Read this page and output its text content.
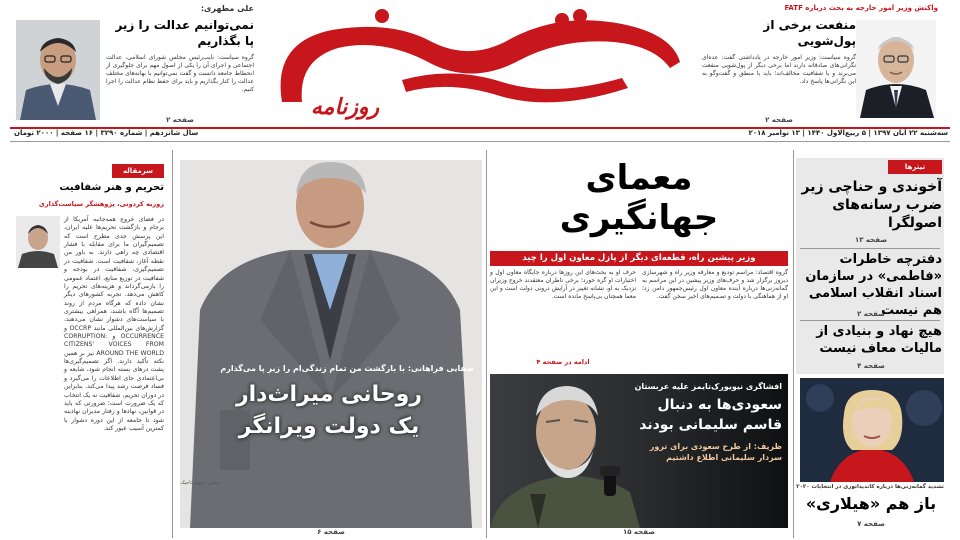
واکنش وزیر امور خارجه به بحث درباره FATF
منفعت برخی از پول‌شویی
گروه سیاست: وزیر امور خارجه در یادداشتی گفت: عده‌ای نگرانی‌های صادقانه دارند اما برخی دیگر از پول‌شویی منفعت می‌برند و با شفافیت مخالف‌اند؛ باید با منطق و گفت‌وگو به این نگرانی‌ها پاسخ داد.
صفحه ۲
روزنامه
علی مطهری:
نمی‌توانیم عدالت را زیر پا بگذاریم
گروه سیاست: نایب‌رئیس مجلس شورای اسلامی، عدالت اجتماعی و اجرای آن را یکی از اصول مهم برای جلوگیری از انحطاط جامعه دانست و گفت نمی‌توانیم با بهانه‌های مختلف عدالت را کنار بگذاریم و باید برای حفظ نظام عدالت را اجرا کنیم.
صفحه ۲
سه‌شنبه ۲۲ آبان ۱۳۹۷ | ۵ ربیع‌الاول ۱۴۴۰ | ۱۳ نوامبر ۲۰۱۸
سال شانزدهم | شماره ۳۲۹۰ | ۱۶ صفحه | ۲۰۰۰ تومان
تیترها
آخوندی و حناچی زیر ضرب رسانه‌های اصولگرا
صفحه ۱۳
دفترچه خاطرات «فاطمی» در سازمان اسناد انقلاب اسلامی هم نیست
صفحه ۲
هیچ نهاد و بنیادی از مالیات معاف نیست
صفحه ۴
تشدید گمانه‌زنی‌ها درباره کاندیداتوری در انتخابات ۲۰۲۰
باز هم «هیلاری»
صفحه ۷
معمای
جهانگیری
وزیر پیشین راه، قطعه‌ای دیگر از پازل معاون اول را چید
گروه اقتصاد: مراسم تودیع و معارفه وزیر راه و شهرسازی دیروز برگزار شد و حرف‌های وزیر پیشین در این مراسم به گمانه‌زنی‌ها درباره آینده معاون اول رئیس‌جمهور دامن زد؛ او از هماهنگی با دولت و تصمیم‌های اخیر سخن گفت.
حرف او به بحث‌های این روزها درباره جایگاه معاون اول و اختیارات او گره خورد؛ برخی ناظران معتقدند خروج وزیران نزدیک به او، نشانه تغییر در آرایش درونی دولت است و این معما همچنان بی‌پاسخ مانده است.
ادامه در صفحه ۴
افشاگری نیویورک‌تایمز علیه عربستان
سعودی‌ها به دنبال
قاسم سلیمانی بودند
ظریف: از طرح سعودی برای ترور سردار سلیمانی اطلاع داشتیم
صفحه ۱۵
صفایی فراهانی: با بازگشت من تمام زندگی‌ام را زیر پا می‌گذارم
روحانی میراث‌دار
یک دولت ویرانگر
عکس: سهند تاجیک
صفحه ۶
سرمقاله
تحریم و هنر شفافیت
روزبه کردونی، پژوهشگر سیاست‌گذاری
در فضای خروج همه‌جانبه آمریکا از برجام و بازگشت تحریم‌ها علیه ایران، این پرسش جدی مطرح است که تصمیم‌گیران ما برای مقابله با فشار اقتصادی چه راهی دارند. به باور من نقطه آغاز، شفافیت است. شفافیت در تصمیم‌گیری، شفافیت در بودجه و شفافیت در توزیع منابع، اعتماد عمومی را بازمی‌گرداند و هزینه‌های تحریم را کاهش می‌دهد. تجربه کشورهای دیگر نشان داده که هرگاه مردم از روند تصمیم‌ها آگاه باشند، همراهی بیشتری با سیاست‌های دشوار نشان می‌دهند. گزارش‌های بین‌المللی مانند OCCRP و OCCURRENCE و CORRUPTION: CITIZENS' VOICES FROM AROUND THE WORLD نیز بر همین نکته تأکید دارند. اگر تصمیم‌گیری‌ها پشت درهای بسته انجام شود، شایعه و بی‌اعتمادی جای اطلاعات را می‌گیرد و فساد فرصت رشد پیدا می‌کند. بنابراین در دوران تحریم، شفافیت نه یک انتخاب که یک ضرورت است؛ ضرورتی که باید در قوانین، نهادها و رفتار مدیران نهادینه شود تا جامعه از این دوره دشوار با کمترین آسیب عبور کند.
